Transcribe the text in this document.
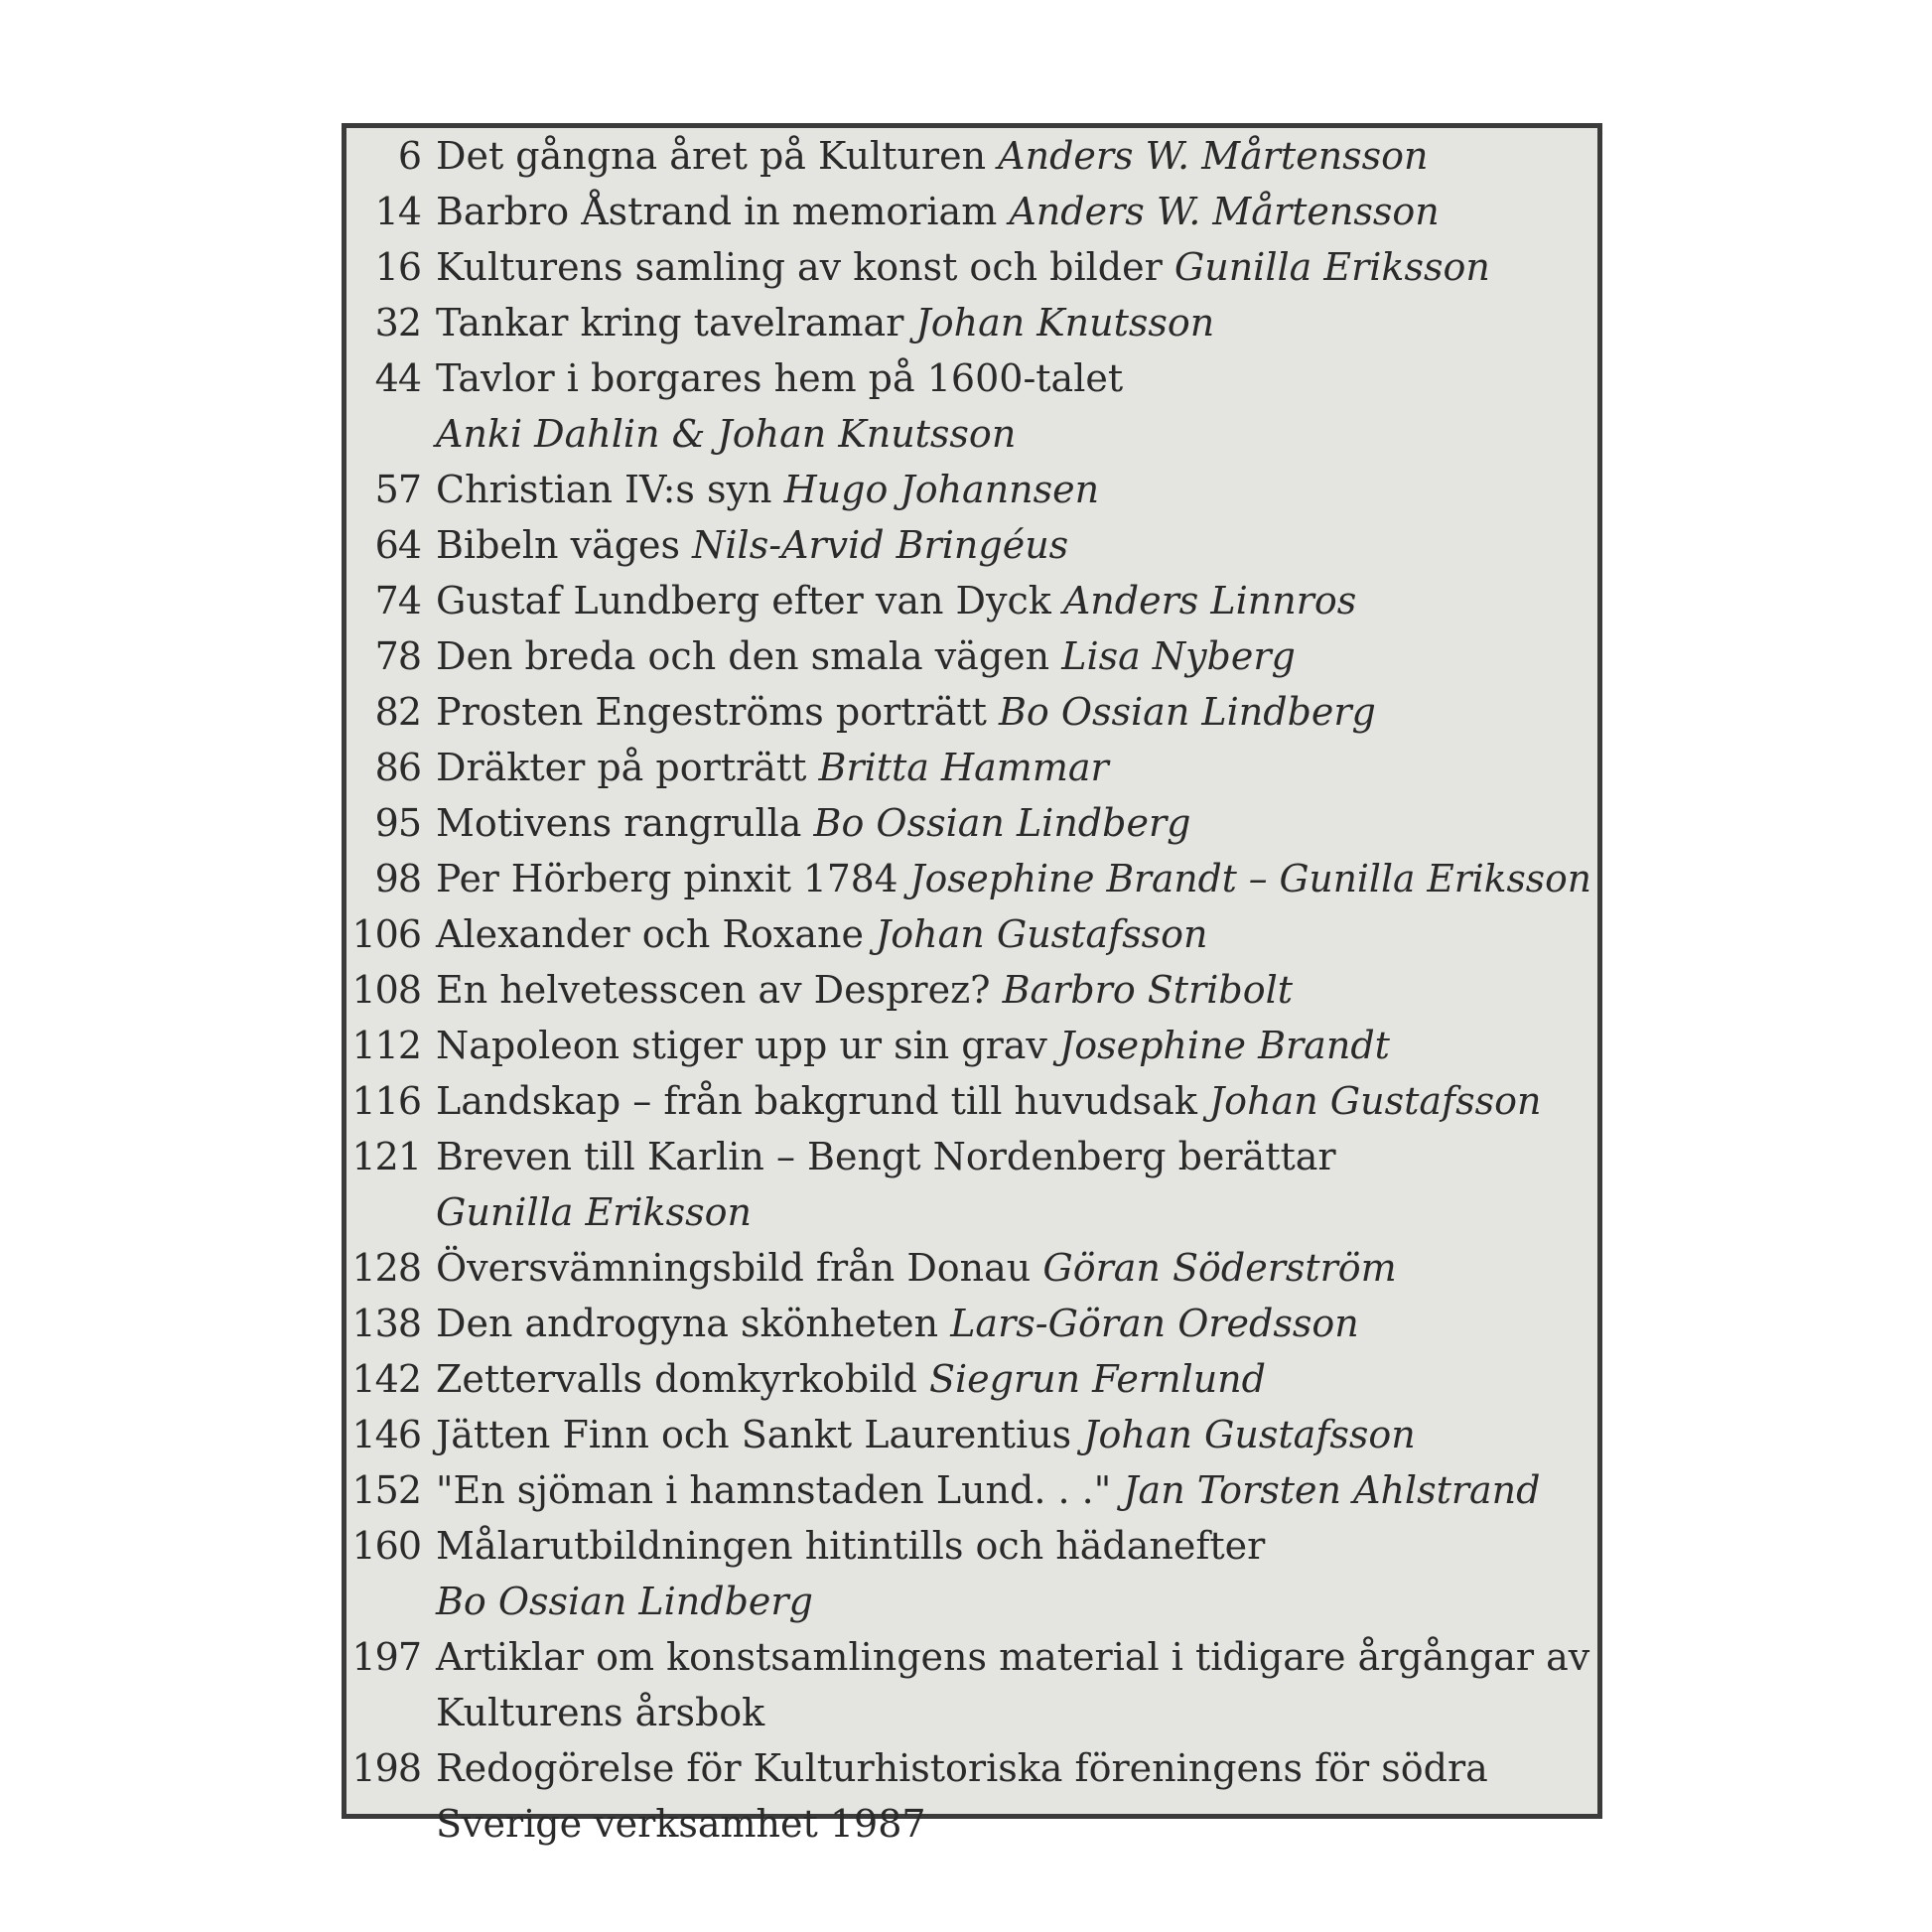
6 Det gångna året på Kulturen Anders W. Mårtensson
14 Barbro Åstrand in memoriam Anders W. Mårtensson
16 Kulturens samling av konst och bilder Gunilla Eriksson
32 Tankar kring tavelramar Johan Knutsson
44 Tavlor i borgares hem på 1600-talet
Anki Dahlin & Johan Knutsson
57 Christian IV:s syn Hugo Johannsen
64 Bibeln väges Nils-Arvid Bringéus
74 Gustaf Lundberg efter van Dyck Anders Linnros
78 Den breda och den smala vägen Lisa Nyberg
82 Prosten Engeströms porträtt Bo Ossian Lindberg
86 Dräkter på porträtt Britta Hammar
95 Motivens rangrulla Bo Ossian Lindberg
98 Per Hörberg pinxit 1784 Josephine Brandt – Gunilla Eriksson
106 Alexander och Roxane Johan Gustafsson
108 En helvetesscen av Desprez? Barbro Stribolt
112 Napoleon stiger upp ur sin grav Josephine Brandt
116 Landskap – från bakgrund till huvudsak Johan Gustafsson
121 Breven till Karlin – Bengt Nordenberg berättar
Gunilla Eriksson
128 Översvämningsbild från Donau Göran Söderström
138 Den androgyna skönheten Lars-Göran Oredsson
142 Zettervalls domkyrkobild Siegrun Fernlund
146 Jätten Finn och Sankt Laurentius Johan Gustafsson
152 "En sjöman i hamnstaden Lund. . ." Jan Torsten Ahlstrand
160 Målarutbildningen hitintills och hädanefter
Bo Ossian Lindberg
197 Artiklar om konstsamlingens material i tidigare årgångar av
Kulturens årsbok
198 Redogörelse för Kulturhistoriska föreningens för södra
Sverige verksamhet 1987
